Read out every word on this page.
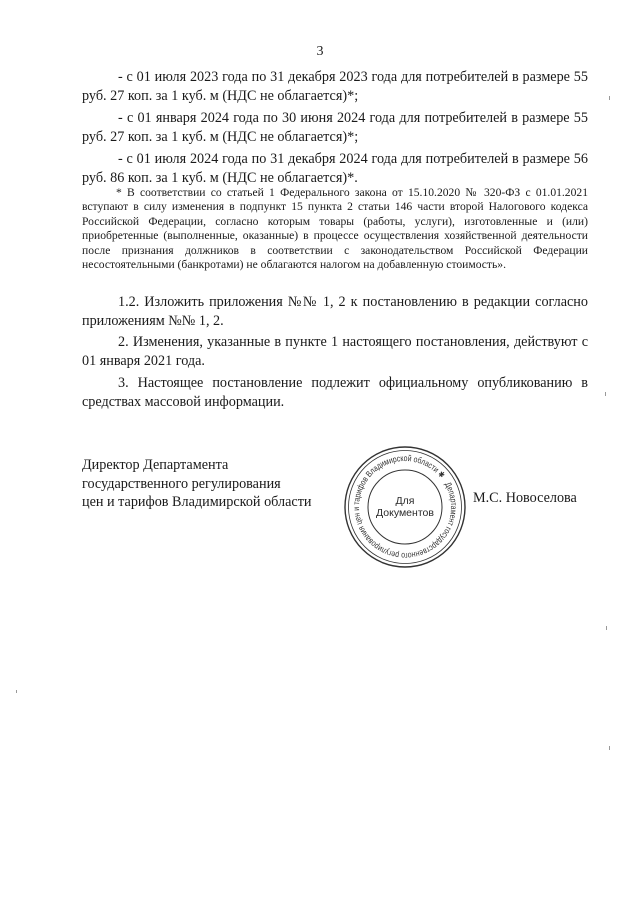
3

- с 01 июля 2023 года по 31 декабря 2023 года для потребителей в размере 55 руб. 27 коп. за 1 куб. м (НДС не облагается)*;

- с 01 января 2024 года по 30 июня 2024 года для потребителей в размере 55 руб. 27 коп. за 1 куб. м (НДС не облагается)*;

- с 01 июля 2024 года по 31 декабря 2024 года для потребителей в размере 56 руб. 86 коп. за 1 куб. м (НДС не облагается)*.

* В соответствии со статьей 1 Федерального закона от 15.10.2020 № 320-ФЗ с 01.01.2021 вступают в силу изменения в подпункт 15 пункта 2 статьи 146 части второй Налогового кодекса Российской Федерации, согласно которым товары (работы, услуги), изготовленные и (или) приобретенные (выполненные, оказанные) в процессе осуществления хозяйственной деятельности после признания должников в соответствии с законодательством Российской Федерации несостоятельными (банкротами) не облагаются налогом на добавленную стоимость».

1.2. Изложить приложения №№ 1, 2 к постановлению в редакции согласно приложениям №№ 1, 2.

2. Изменения, указанные в пункте 1 настоящего постановления, действуют с 01 января 2021 года.

3. Настоящее постановление подлежит официальному опубликованию в средствах массовой информации.

Директор Департамента
государственного регулирования
цен и тарифов Владимирской области
Департамент государственного регулирования цен и тарифов Владимирской области ✱
Для
Документов
М.С. Новоселова
